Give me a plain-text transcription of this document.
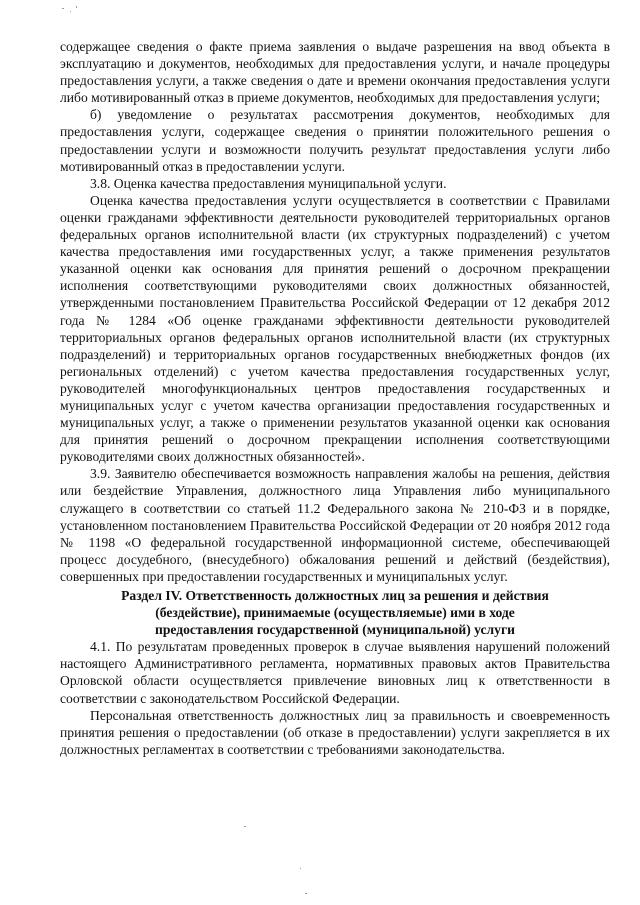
содержащее сведения о факте приема заявления о выдаче разрешения на ввод объекта в эксплуатацию и документов, необходимых для предоставления услуги, и начале процедуры предоставления услуги, а также сведения о дате и времени окончания предоставления услуги либо мотивированный отказ в приеме документов, необходимых для предоставления услуги;

б) уведомление о результатах рассмотрения документов, необходимых для предоставления услуги, содержащее сведения о принятии положительного решения о предоставлении услуги и возможности получить результат предоставления услуги либо мотивированный отказ в предоставлении услуги.

3.8. Оценка качества предоставления муниципальной услуги.

Оценка качества предоставления услуги осуществляется в соответствии с Правилами оценки гражданами эффективности деятельности руководителей территориальных органов федеральных органов исполнительной власти (их структурных подразделений) с учетом качества предоставления ими государственных услуг, а также применения результатов указанной оценки как основания для принятия решений о досрочном прекращении исполнения соответствующими руководителями своих должностных обязанностей, утвержденными постановлением Правительства Российской Федерации от 12 декабря 2012 года № 1284 «Об оценке гражданами эффективности деятельности руководителей территориальных органов федеральных органов исполнительной власти (их структурных подразделений) и территориальных органов государственных внебюджетных фондов (их региональных отделений) с учетом качества предоставления государственных услуг, руководителей многофункциональных центров предоставления государственных и муниципальных услуг с учетом качества организации предоставления государственных и муниципальных услуг, а также о применении результатов указанной оценки как основания для принятия решений о досрочном прекращении исполнения соответствующими руководителями своих должностных обязанностей».

3.9. Заявителю обеспечивается возможность направления жалобы на решения, действия или бездействие Управления, должностного лица Управления либо муниципального служащего в соответствии со статьей 11.2 Федерального закона № 210-ФЗ и в порядке, установленном постановлением Правительства Российской Федерации от 20 ноября 2012 года № 1198 «О федеральной государственной информационной системе, обеспечивающей процесс досудебного, (внесудебного) обжалования решений и действий (бездействия), совершенных при предоставлении государственных и муниципальных услуг.

Раздел IV. Ответственность должностных лиц за решения и действия

(бездействие), принимаемые (осуществляемые) ими в ходе

предоставления государственной (муниципальной) услуги

4.1. По результатам проведенных проверок в случае выявления нарушений положений настоящего Административного регламента, нормативных правовых актов Правительства Орловской области осуществляется привлечение виновных лиц к ответственности в соответствии с законодательством Российской Федерации.

Персональная ответственность должностных лиц за правильность и своевременность принятия решения о предоставлении (об отказе в предоставлении) услуги закрепляется в их должностных регламентах в соответствии с требованиями законодательства.
